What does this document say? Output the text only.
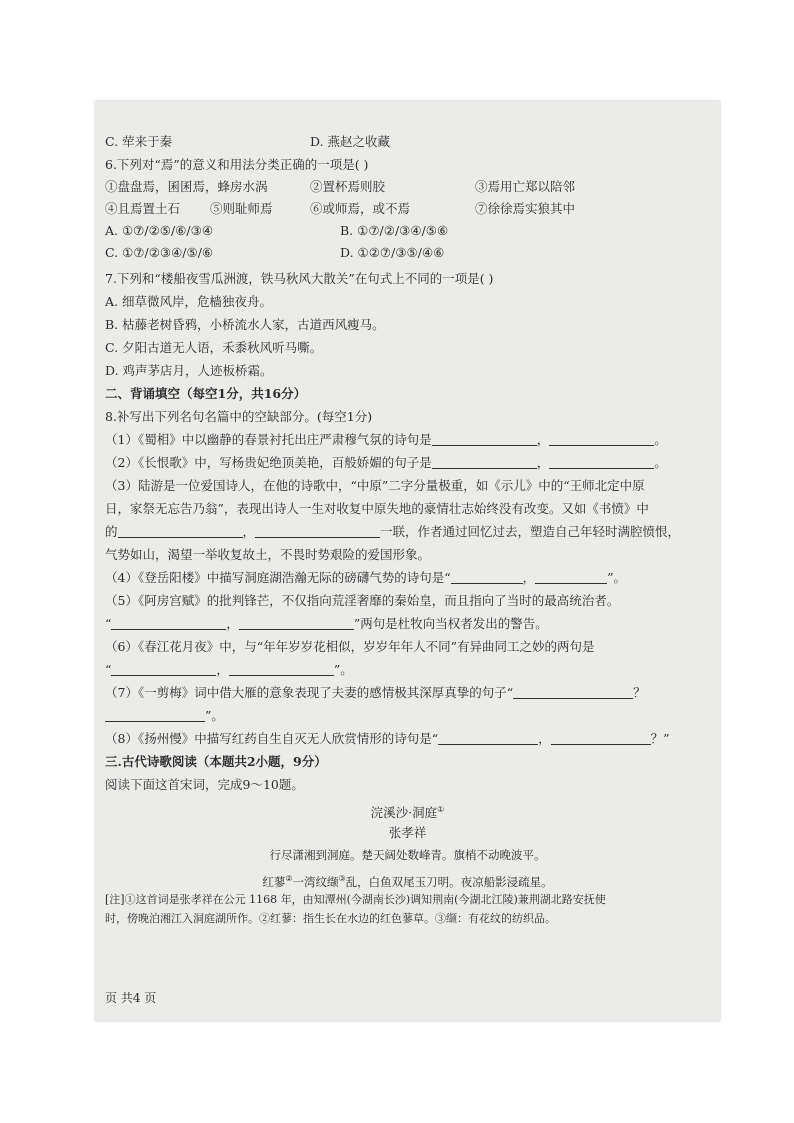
C. 荦来于秦	D. 燕赵之收藏
6.下列对“焉”的意义和用法分类正确的一项是( )
①盘盘焉，囷囷焉，蜂房水涡	②置杯焉则胶	③焉用亡郑以陪邻
④且焉置土石	⑤则耻师焉	⑥或师焉，或不焉	⑦徐徐焉实狼其中
A. ①⑦/②⑤/⑥/③④	B. ①⑦/②/③④/⑤⑥
C. ①⑦/②③④/⑤/⑥	D. ①②⑦/③⑤/④⑥
7.下列和“楼船夜雪瓜洲渡，铁马秋风大散关”在句式上不同的一项是( )
A. 细草微风岸，危樯独夜舟。
B. 枯藤老树昏鸦，小桥流水人家，古道西风瘦马。
C. 夕阳古道无人语，禾黍秋风听马嘶。
D. 鸡声茅店月，人迹板桥霜。
二、背诵填空（每空1分，共16分）
8.补写出下列名句名篇中的空缺部分。(每空1分)
（1）《蜀相》中以幽静的春景衬托出庄严肃穆气氛的诗句是	，	。
（2）《长恨歌》中，写杨贵妃绝顶美艳，百般娇媚的句子是	，	。
（3）陆游是一位爱国诗人，在他的诗歌中，“中原”二字分量极重，如《示儿》中的“王师北定中原
日，家祭无忘告乃翁”，表现出诗人一生对收复中原失地的豪情壮志始终没有改变。又如《书愤》中
的	，	一联，作者通过回忆过去，塑造自己年轻时满腔愤恨，
气势如山，渴望一举收复故土，不畏时势艰险的爱国形象。
（4）《登岳阳楼》中描写洞庭湖浩瀚无际的磅礴气势的诗句是“	，	”。
（5）《阿房宫赋》的批判锋芒，不仅指向荒淫奢靡的秦始皇，而且指向了当时的最高统治者。
“	，	”两句是杜牧向当权者发出的警告。
（6）《春江花月夜》中，与“年年岁岁花相似，岁岁年年人不同”有异曲同工之妙的两句是
“	，	”。
（7）《一剪梅》词中借大雁的意象表现了夫妻的感情极其深厚真挚的句子“	？
”。
（8）《扬州慢》中描写红药自生自灭无人欣赏情形的诗句是“	，	？”
三.古代诗歌阅读（本题共2小题，9分）
阅读下面这首宋词，完成9～10题。
浣溪沙·洞庭①
张孝祥
行尽潇湘到洞庭。楚天阔处数峰青。旗梢不动晚波平。
红蓼②一湾纹缬③乱，白鱼双尾玉刀明。夜凉船影浸疏星。
[注]①这首词是张孝祥在公元 1168 年，由知潭州(今湖南长沙)调知荆南(今湖北江陵)兼荆湖北路安抚使
时，傍晚泊湘江入洞庭湖所作。②红蓼：指生长在水边的红色蓼草。③缬：有花纹的纺织品。
页 共4 页
